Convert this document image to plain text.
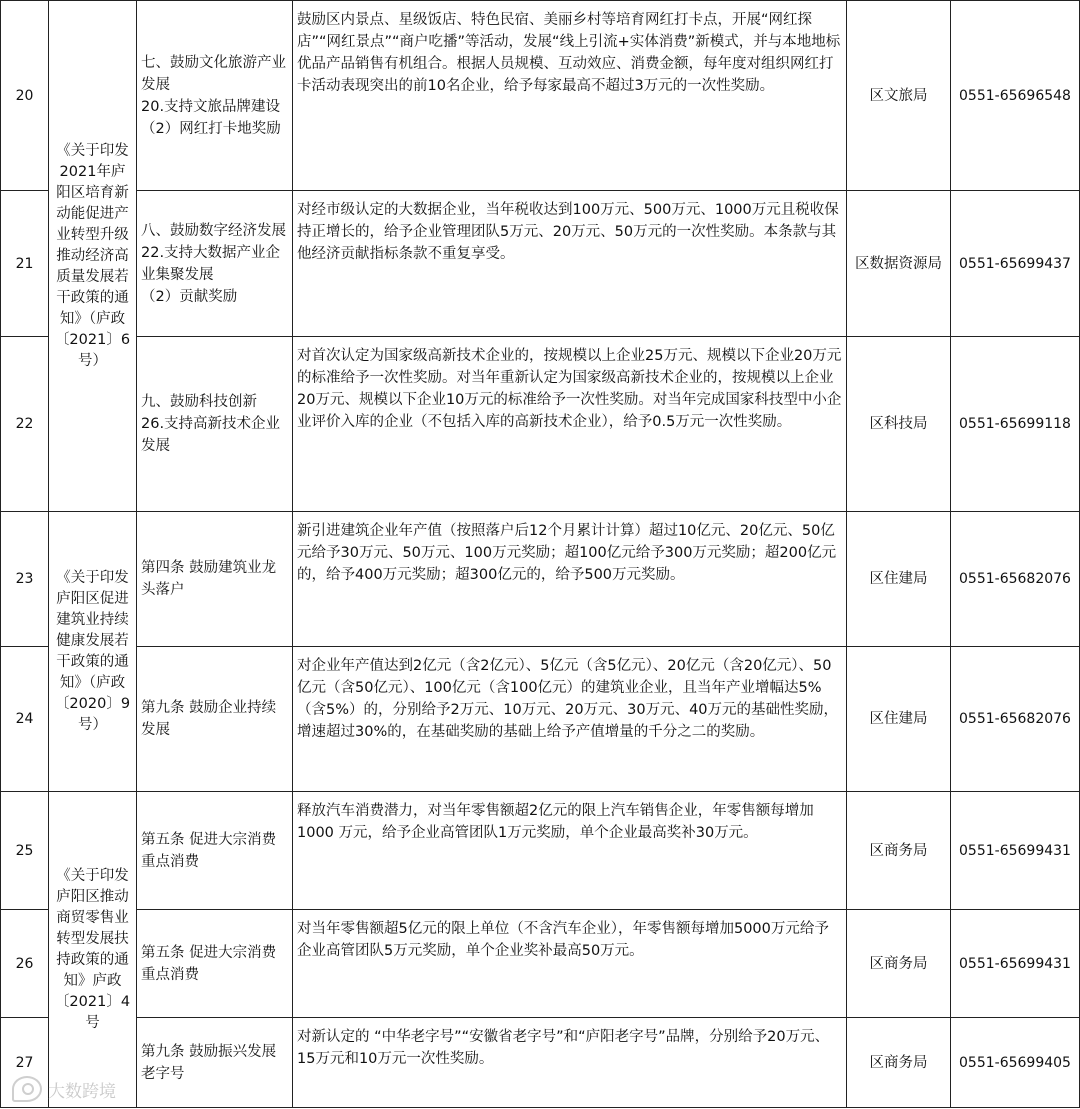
20	《关于印发2021年庐阳区培育新动能促进产业转型升级推动经济高质量发展若干政策的通知》（庐政〔2021〕6号）	七、鼓励文化旅游产业发展
20.支持文旅品牌建设
（2）网红打卡地奖励	鼓励区内景点、星级饭店、特色民宿、美丽乡村等培育网红打卡点，开展“网红探店”“网红景点”“商户吃播”等活动，发展“线上引流+实体消费”新模式，并与本地地标优品产品销售有机组合。根据人员规模、互动效应、消费金额，每年度对组织网红打卡活动表现突出的前10名企业，给予每家最高不超过3万元的一次性奖励。	区文旅局	0551-65696548
21		八、鼓励数字经济发展
22.支持大数据产业企业集聚发展
（2）贡献奖励	对经市级认定的大数据企业，当年税收达到100万元、500万元、1000万元且税收保持正增长的，给予企业管理团队5万元、20万元、50万元的一次性奖励。本条款与其他经济贡献指标条款不重复享受。	区数据资源局	0551-65699437
22		九、鼓励科技创新
26.支持高新技术企业发展	对首次认定为国家级高新技术企业的，按规模以上企业25万元、规模以下企业20万元的标准给予一次性奖励。对当年重新认定为国家级高新技术企业的，按规模以上企业20万元、规模以下企业10万元的标准给予一次性奖励。对当年完成国家科技型中小企业评价入库的企业（不包括入库的高新技术企业），给予0.5万元一次性奖励。	区科技局	0551-65699118
23	《关于印发庐阳区促进建筑业持续健康发展若干政策的通知》（庐政〔2020〕9号）	第四条 鼓励建筑业龙头落户	新引进建筑企业年产值（按照落户后12个月累计计算）超过10亿元、20亿元、50亿元给予30万元、50万元、100万元奖励；超100亿元给予300万元奖励；超200亿元的，给予400万元奖励；超300亿元的，给予500万元奖励。	区住建局	0551-65682076
24		第九条 鼓励企业持续发展	对企业年产值达到2亿元（含2亿元）、5亿元（含5亿元）、20亿元（含20亿元）、50亿元（含50亿元）、100亿元（含100亿元）的建筑业企业，且当年产业增幅达5%（含5%）的，分别给予2万元、10万元、20万元、30万元、40万元的基础性奖励，增速超过30%的，在基础奖励的基础上给予产值增量的千分之二的奖励。	区住建局	0551-65682076
25	《关于印发庐阳区推动商贸零售业转型发展扶持政策的通知》庐政〔2021〕4号	第五条 促进大宗消费重点消费	释放汽车消费潜力，对当年零售额超2亿元的限上汽车销售企业，年零售额每增加1000 万元，给予企业高管团队1万元奖励，单个企业最高奖补30万元。	区商务局	0551-65699431
26		第五条 促进大宗消费重点消费	对当年零售额超5亿元的限上单位（不含汽车企业），年零售额每增加5000万元给予企业高管团队5万元奖励，单个企业奖补最高50万元。	区商务局	0551-65699431
27		第九条 鼓励振兴发展老字号	对新认定的 “中华老字号”“安徽省老字号”和“庐阳老字号”品牌，分别给予20万元、15万元和10万元一次性奖励。	区商务局	0551-65699405
大数跨境
